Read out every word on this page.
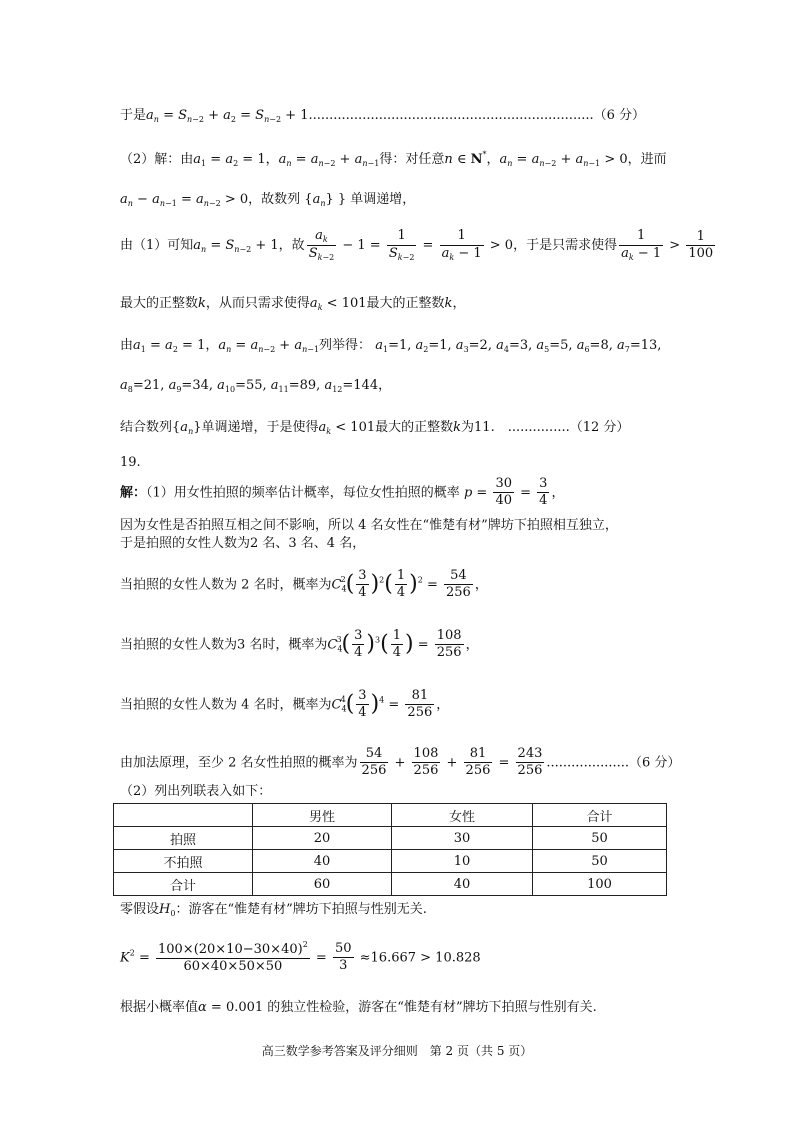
于是$a_n = S_{n-2} + a_2 = S_{n-2} + 1.....................................................................(6$ 分）
（2）解：由$a_1 = a_2 = 1$，$a_n = a_{n-2} + a_{n-1}$得：对任意n ∈ N*，$a_n = a_{n-2} + a_{n-1} > 0$，进而
$a_n - a_{n-1} = a_{n-2} > 0$，故数列 $\{a_n\}$ } 单调递增，
由（1）可知$a_n = S_{n-2} + 1$，故 $\frac{a_k}{S_{k-2}} - 1 = \frac{1}{S_{k-2}} = \frac{1}{a_k - 1} > 0$，于是只需求使得 $\frac{1}{a_k - 1} > \frac{1}{100}$
最大的正整数k，从而只需求使得$a_k < 101$最大的正整数k，
由$a_1 = a_2 = 1$，$a_n = a_{n-2} + a_{n-1}$列举得： $a_1=1$, $a_2=1$, $a_3=2$, $a_4=3$, $a_5=5$, $a_6=8$, $a_7=13$,
$a_8=21$, $a_9=34$, $a_{10}=55$, $a_{11}=89$, $a_{12}=144$，
结合数列$\{a_n\}$单调递增，于是使得$a_k < 101$最大的正整数k为11.　 ...............（12 分）
19.
解：（1）用女性拍照的频率估计概率，每位女性拍照的概率 $p = \frac{30}{40} = \frac{3}{4}$ ，
因为女性是否拍照互相之间不影响，所以 4 名女性在“惟楚有材”牌坊下拍照相互独立，
于是拍照的女性人数为2 名、3 名、4 名，
当拍照的女性人数为 2 名时，概率为$C_4^2( \frac{3}{4} )^2( \frac{1}{4} )^2 = \frac{54}{256}$ ，
当拍照的女性人数为3 名时，概率为$C_4^3( \frac{3}{4} )^3( \frac{1}{4}$ ) = $\frac{108}{256}$ ，
当拍照的女性人数为 4 名时，概率为$C_4^4( \frac{3}{4} )^4 = \frac{81}{256}$ ，
由加法原理，至少 2 名女性拍照的概率为 $\frac{54}{256} + \frac{108}{256} + \frac{81}{256} = \frac{243}{256} ....................(6$ 分）
（2）列出列联表入如下：
	男性	女性	合计
拍照	20	30	50
不拍照	40	10	50
合计	60	40	100
零假设$H_0$：游客在“惟楚有材”牌坊下拍照与性别无关.
$K^2 = \frac{100\times(20\times 10-30\times 40)^2}{60\times 40\times 50\times 50} = \frac{50}{3} \approx 16.667 > 10.828$
根据小概率值α = 0.001 的独立性检验，游客在“惟楚有材”牌坊下拍照与性别有关.
高三数学参考答案及评分细则　第 2 页（共 5 页）
